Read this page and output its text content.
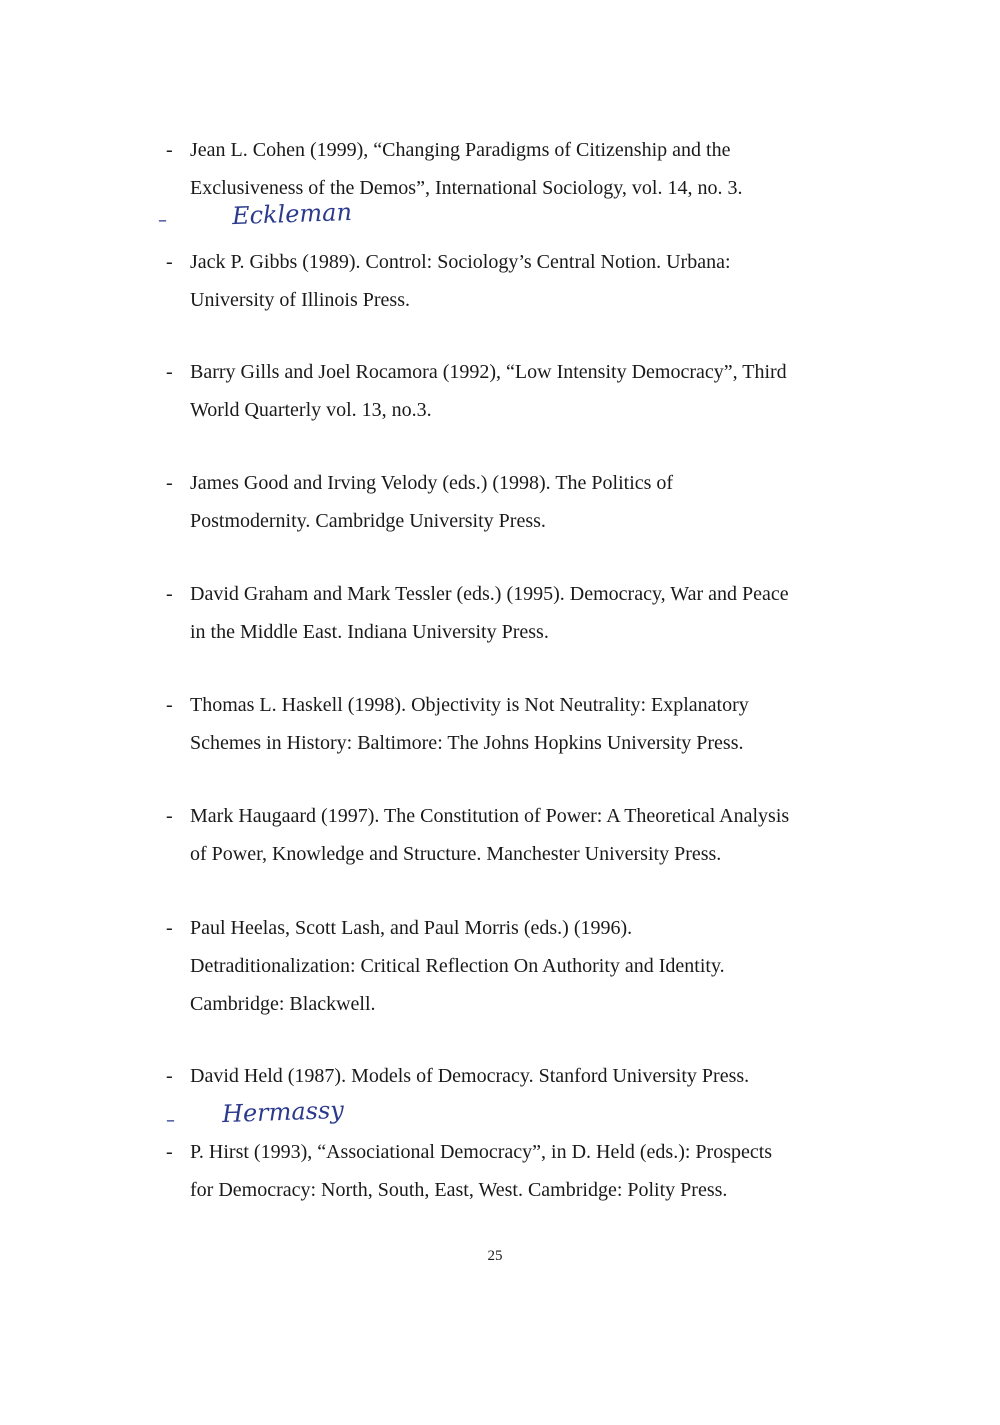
- Jean L. Cohen (1999), “Changing Paradigms of Citizenship and the
Exclusiveness of the Demos”, International Sociology, vol. 14, no. 3.
–	Eckleman
- Jack P. Gibbs (1989). Control: Sociology’s Central Notion. Urbana:
University of Illinois Press.
- Barry Gills and Joel Rocamora (1992), “Low Intensity Democracy”, Third
World Quarterly vol. 13, no.3.
- James Good and Irving Velody (eds.) (1998). The Politics of
Postmodernity. Cambridge University Press.
- David Graham and Mark Tessler (eds.) (1995). Democracy, War and Peace
in the Middle East. Indiana University Press.
- Thomas L. Haskell (1998). Objectivity is Not Neutrality: Explanatory
Schemes in History: Baltimore: The Johns Hopkins University Press.
- Mark Haugaard (1997). The Constitution of Power: A Theoretical Analysis
of Power, Knowledge and Structure. Manchester University Press.
- Paul Heelas, Scott Lash, and Paul Morris (eds.) (1996).
Detraditionalization: Critical Reflection On Authority and Identity.
Cambridge: Blackwell.
- David Held (1987). Models of Democracy. Stanford University Press.
– Hermassy
- P. Hirst (1993), “Associational Democracy”, in D. Held (eds.): Prospects
for Democracy: North, South, East, West. Cambridge: Polity Press.
25
